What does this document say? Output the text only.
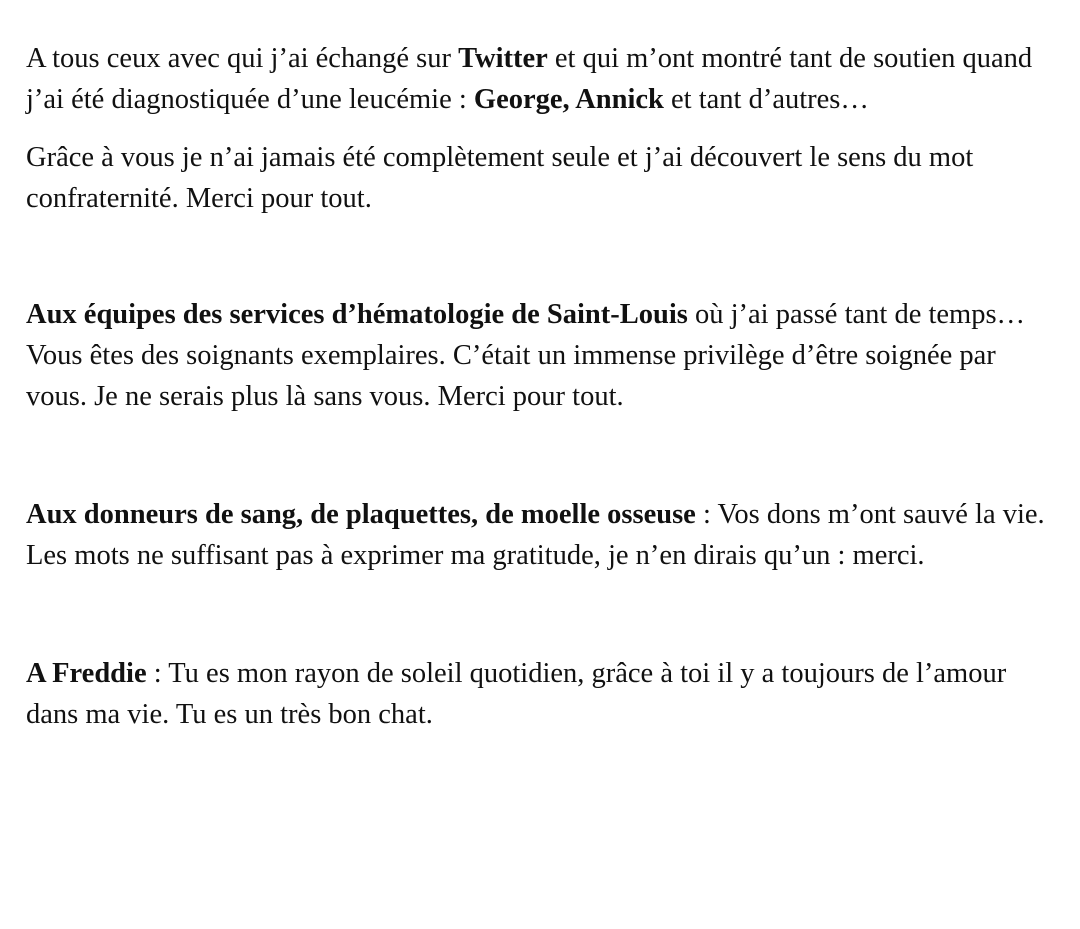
A tous ceux avec qui j’ai échangé sur Twitter et qui m’ont montré tant de soutien quand j’ai été diagnostiquée d’une leucémie : George, Annick et tant d’autres…

Grâce à vous je n’ai jamais été complètement seule et j’ai découvert le sens du mot confraternité. Merci pour tout.

Aux équipes des services d’hématologie de Saint-Louis où j’ai passé tant de temps… Vous êtes des soignants exemplaires. C’était un immense privilège d’être soignée par vous. Je ne serais plus là sans vous. Merci pour tout.

Aux donneurs de sang, de plaquettes, de moelle osseuse : Vos dons m’ont sauvé la vie. Les mots ne suffisant pas à exprimer ma gratitude, je n’en dirais qu’un : merci.

A Freddie : Tu es mon rayon de soleil quotidien, grâce à toi il y a toujours de l’amour dans ma vie. Tu es un très bon chat.
